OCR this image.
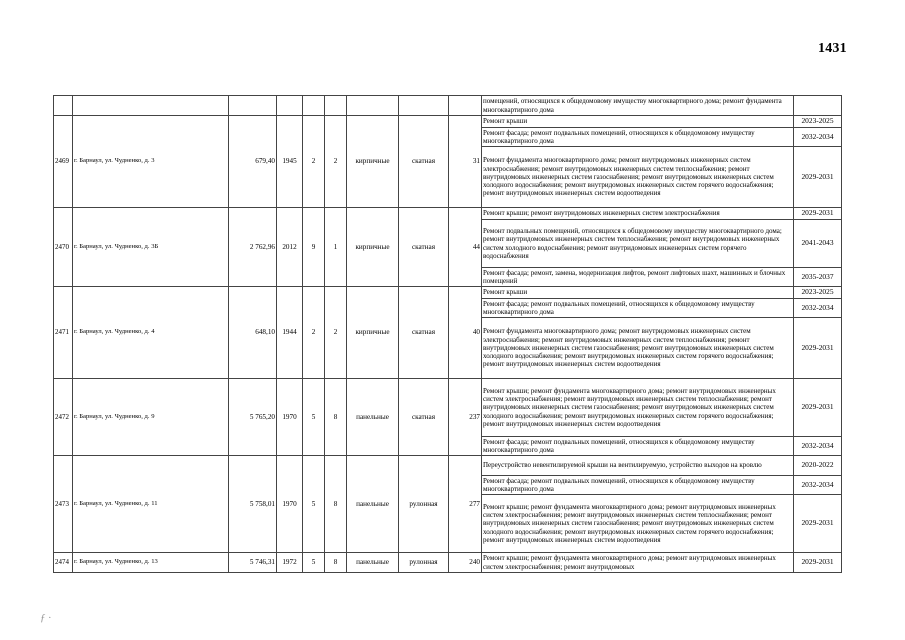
1431
									помещений, относящихся к общедомовому имуществу многоквартирного дома; ремонт фундамента многоквартирного дома	
2469	г. Барнаул, ул. Чудненко, д. 3	679,40	1945	2	2	кирпичные	скатная	31	Ремонт крыши	2023-2025
									Ремонт фасада; ремонт подвальных помещений, относящихся к общедомовому имуществу многоквартирного дома	2032-2034
									Ремонт фундамента многоквартирного дома; ремонт внутридомовых инженерных систем электроснабжения; ремонт внутридомовых инженерных систем теплоснабжения; ремонт внутридомовых инженерных систем газоснабжения; ремонт внутридомовых инженерных систем холодного водоснабжения; ремонт внутридомовых инженерных систем горячего водоснабжения; ремонт внутридомовых инженерных систем водоотведения	2029-2031
2470	г. Барнаул, ул. Чудненко, д. 3Б	2 762,96	2012	9	1	кирпичные	скатная	44	Ремонт крыши; ремонт внутридомовых инженерных систем электроснабжения	2029-2031
									Ремонт подвальных помещений, относящихся к общедомовому имуществу многоквартирного дома; ремонт внутридомовых инженерных систем теплоснабжения; ремонт внутридомовых инженерных систем холодного водоснабжения; ремонт внутридомовых инженерных систем горячего водоснабжения	2041-2043
									Ремонт фасада; ремонт, замена, модернизация лифтов, ремонт лифтовых шахт, машинных и блочных помещений	2035-2037
2471	г. Барнаул, ул. Чудненко, д. 4	648,10	1944	2	2	кирпичные	скатная	40	Ремонт крыши	2023-2025
									Ремонт фасада; ремонт подвальных помещений, относящихся к общедомовому имуществу многоквартирного дома	2032-2034
									Ремонт фундамента многоквартирного дома; ремонт внутридомовых инженерных систем электроснабжения; ремонт внутридомовых инженерных систем теплоснабжения; ремонт внутридомовых инженерных систем газоснабжения; ремонт внутридомовых инженерных систем холодного водоснабжения; ремонт внутридомовых инженерных систем горячего водоснабжения; ремонт внутридомовых инженерных систем водоотведения	2029-2031
2472	г. Барнаул, ул. Чудненко, д. 9	5 765,20	1970	5	8	панельные	скатная	237	Ремонт крыши; ремонт фундамента многоквартирного дома; ремонт внутридомовых инженерных систем электроснабжения; ремонт внутридомовых инженерных систем теплоснабжения; ремонт внутридомовых инженерных систем газоснабжения; ремонт внутридомовых инженерных систем холодного водоснабжения; ремонт внутридомовых инженерных систем горячего водоснабжения; ремонт внутридомовых инженерных систем водоотведения	2029-2031
									Ремонт фасада; ремонт подвальных помещений, относящихся к общедомовому имуществу многоквартирного дома	2032-2034
2473	г. Барнаул, ул. Чудненко, д. 11	5 758,01	1970	5	8	панельные	рулонная	277	Переустройство невентилируемой крыши на вентилируемую, устройство выходов на кровлю	2020-2022
									Ремонт фасада; ремонт подвальных помещений, относящихся к общедомовому имуществу многоквартирного дома	2032-2034
									Ремонт крыши; ремонт фундамента многоквартирного дома; ремонт внутридомовых инженерных систем электроснабжения; ремонт внутридомовых инженерных систем теплоснабжения; ремонт внутридомовых инженерных систем газоснабжения; ремонт внутридомовых инженерных систем холодного водоснабжения; ремонт внутридомовых инженерных систем горячего водоснабжения; ремонт внутридомовых инженерных систем водоотведения	2029-2031
2474	г. Барнаул, ул. Чудненко, д. 13	5 746,31	1972	5	8	панельные	рулонная	240	Ремонт крыши; ремонт фундамента многоквартирного дома; ремонт внутридомовых инженерных систем электроснабжения; ремонт внутридомовых	2029-2031
ƒ ·
